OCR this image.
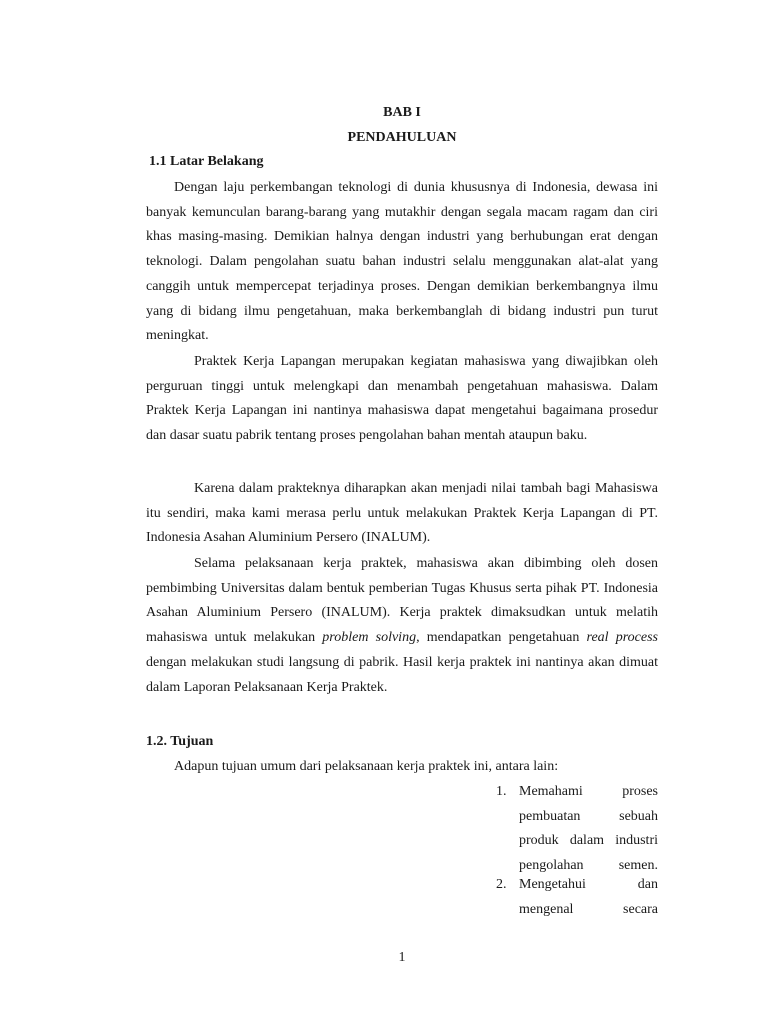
BAB I
PENDAHULUAN
1.1 Latar Belakang

Dengan laju perkembangan teknologi di dunia khususnya di Indonesia, dewasa ini banyak kemunculan barang-barang yang mutakhir dengan segala macam ragam dan ciri khas masing-masing. Demikian halnya dengan industri yang berhubungan erat dengan teknologi. Dalam pengolahan suatu bahan industri selalu menggunakan alat-alat yang canggih untuk mempercepat terjadinya proses. Dengan demikian berkembangnya ilmu yang di bidang ilmu pengetahuan, maka berkembanglah di bidang industri pun turut meningkat.

Praktek Kerja Lapangan merupakan kegiatan mahasiswa yang diwajibkan oleh perguruan tinggi untuk melengkapi dan menambah pengetahuan mahasiswa. Dalam Praktek Kerja Lapangan ini nantinya mahasiswa dapat mengetahui bagaimana prosedur dan dasar suatu pabrik tentang proses pengolahan bahan mentah ataupun baku.

Karena dalam prakteknya diharapkan akan menjadi nilai tambah bagi Mahasiswa itu sendiri, maka kami merasa perlu untuk melakukan Praktek Kerja Lapangan di PT. Indonesia Asahan Aluminium Persero (INALUM).

Selama pelaksanaan kerja praktek, mahasiswa akan dibimbing oleh dosen pembimbing Universitas dalam bentuk pemberian Tugas Khusus serta pihak PT. Indonesia Asahan Aluminium Persero (INALUM). Kerja praktek dimaksudkan untuk melatih mahasiswa untuk melakukan problem solving, mendapatkan pengetahuan real process dengan melakukan studi langsung di pabrik. Hasil kerja praktek ini nantinya akan dimuat dalam Laporan Pelaksanaan Kerja Praktek.

1.2. Tujuan
Adapun tujuan umum dari pelaksanaan kerja praktek ini, antara lain:
1. Memahami proses pembuatan sebuah produk dalam industri pengolahan semen.

2. Mengetahui dan mengenal secara

1
